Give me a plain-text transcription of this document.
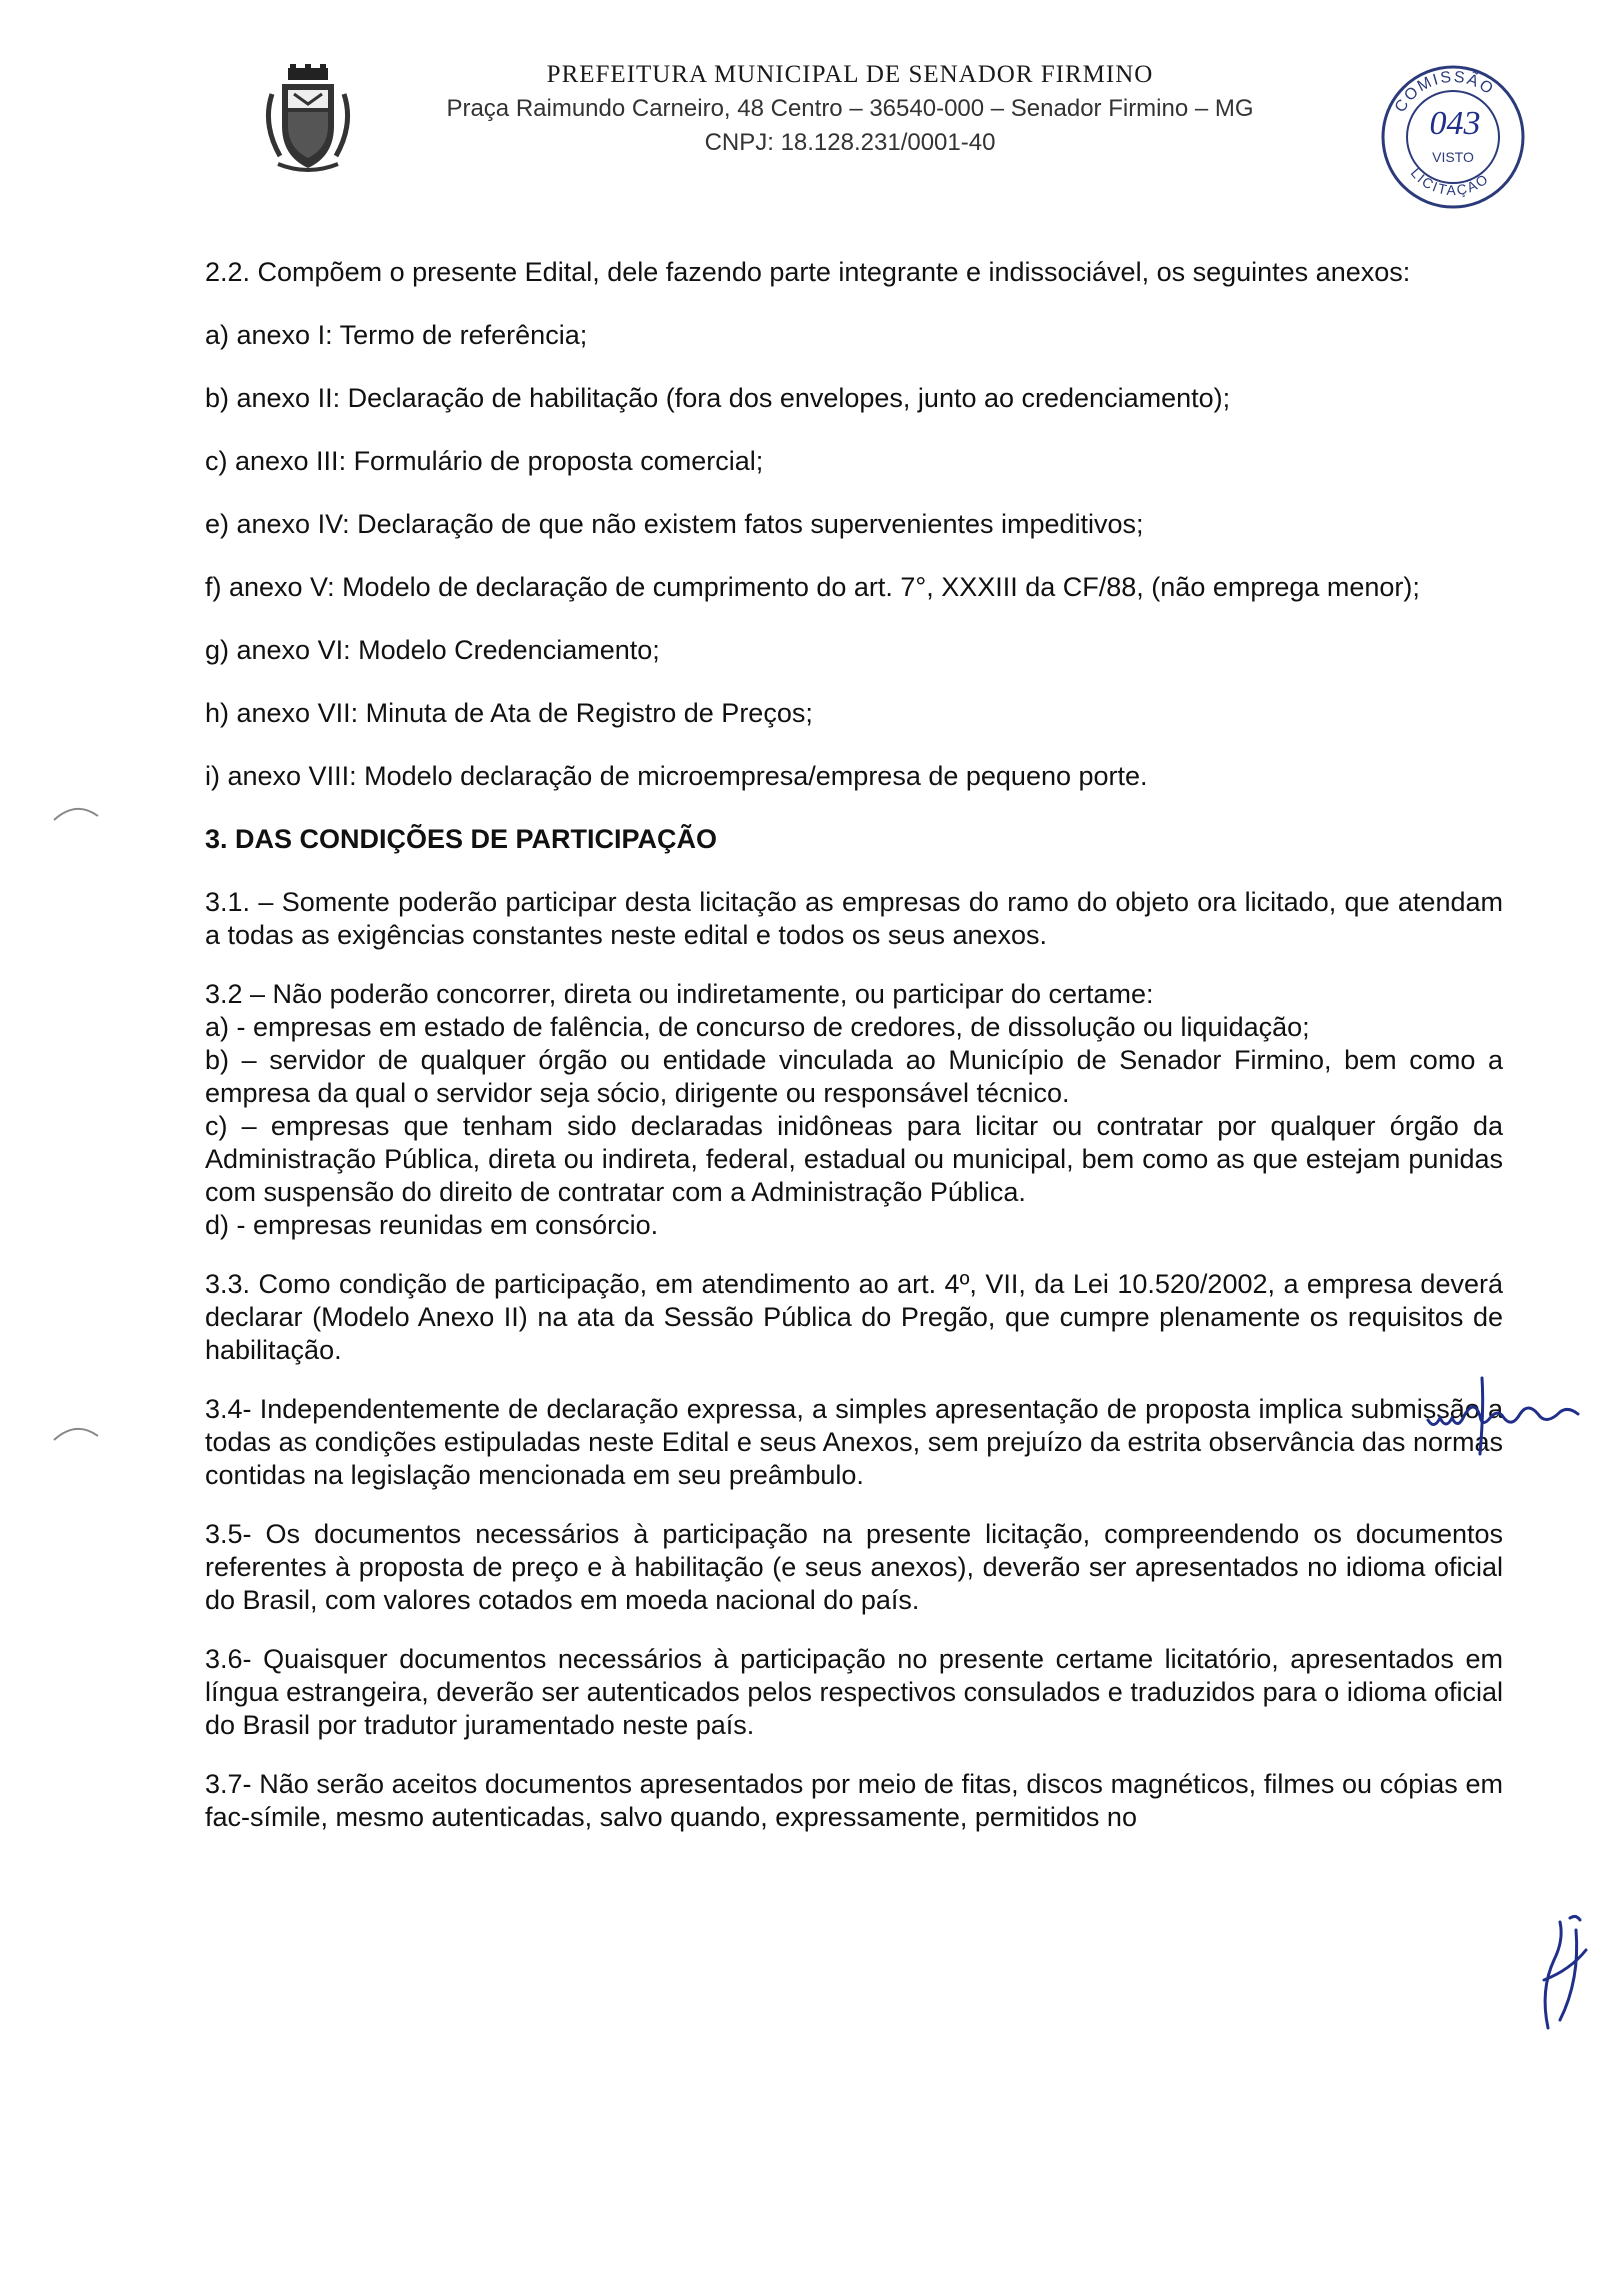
PREFEITURA MUNICIPAL DE SENADOR FIRMINO
Praça Raimundo Carneiro, 48 Centro – 36540-000 – Senador Firmino – MG
CNPJ: 18.128.231/0001-40
COMISSÃO
LICITAÇÃO
043
VISTO

2.2. Compõem o presente Edital, dele fazendo parte integrante e indissociável, os seguintes anexos:

a) anexo I: Termo de referência;

b) anexo II: Declaração de habilitação (fora dos envelopes, junto ao credenciamento);

c) anexo III: Formulário de proposta comercial;

e) anexo IV: Declaração de que não existem fatos supervenientes impeditivos;

f) anexo V: Modelo de declaração de cumprimento do art. 7°, XXXIII da CF/88, (não emprega menor);

g) anexo VI: Modelo Credenciamento;

h) anexo VII: Minuta de Ata de Registro de Preços;

i) anexo VIII: Modelo declaração de microempresa/empresa de pequeno porte.

3. DAS CONDIÇÕES DE PARTICIPAÇÃO

3.1. – Somente poderão participar desta licitação as empresas do ramo do objeto ora licitado, que atendam a todas as exigências constantes neste edital e todos os seus anexos.

3.2 – Não poderão concorrer, direta ou indiretamente, ou participar do certame:

a) - empresas em estado de falência, de concurso de credores, de dissolução ou liquidação;

b) – servidor de qualquer órgão ou entidade vinculada ao Município de Senador Firmino, bem como a empresa da qual o servidor seja sócio, dirigente ou responsável técnico.

c) – empresas que tenham sido declaradas inidôneas para licitar ou contratar por qualquer órgão da Administração Pública, direta ou indireta, federal, estadual ou municipal, bem como as que estejam punidas com suspensão do direito de contratar com a Administração Pública.

d) - empresas reunidas em consórcio.

3.3. Como condição de participação, em atendimento ao art. 4º, VII, da Lei 10.520/2002, a empresa deverá declarar (Modelo Anexo II) na ata da Sessão Pública do Pregão, que cumpre plenamente os requisitos de habilitação.

3.4- Independentemente de declaração expressa, a simples apresentação de proposta implica submissão a todas as condições estipuladas neste Edital e seus Anexos, sem prejuízo da estrita observância das normas contidas na legislação mencionada em seu preâmbulo.

3.5- Os documentos necessários à participação na presente licitação, compreendendo os documentos referentes à proposta de preço e à habilitação (e seus anexos), deverão ser apresentados no idioma oficial do Brasil, com valores cotados em moeda nacional do país.

3.6- Quaisquer documentos necessários à participação no presente certame licitatório, apresentados em língua estrangeira, deverão ser autenticados pelos respectivos consulados e traduzidos para o idioma oficial do Brasil por tradutor juramentado neste país.

3.7- Não serão aceitos documentos apresentados por meio de fitas, discos magnéticos, filmes ou cópias em fac-símile, mesmo autenticadas, salvo quando, expressamente, permitidos no
